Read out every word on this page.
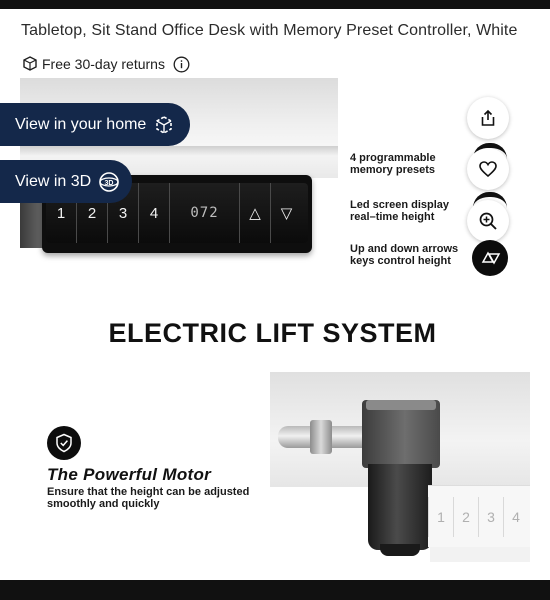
Tabletop, Sit Stand Office Desk with Memory Preset Controller, White
Free 30-day returns
1	2	3	4	072	△	▽
View in your home
View in 3D 3D
4 programmable memory presets
Led screen display real–time height
Up and down arrows keys control height
ELECTRIC LIFT SYSTEM
1	2	3	4
The Powerful Motor
Ensure that the height can be adjusted smoothly and quickly
